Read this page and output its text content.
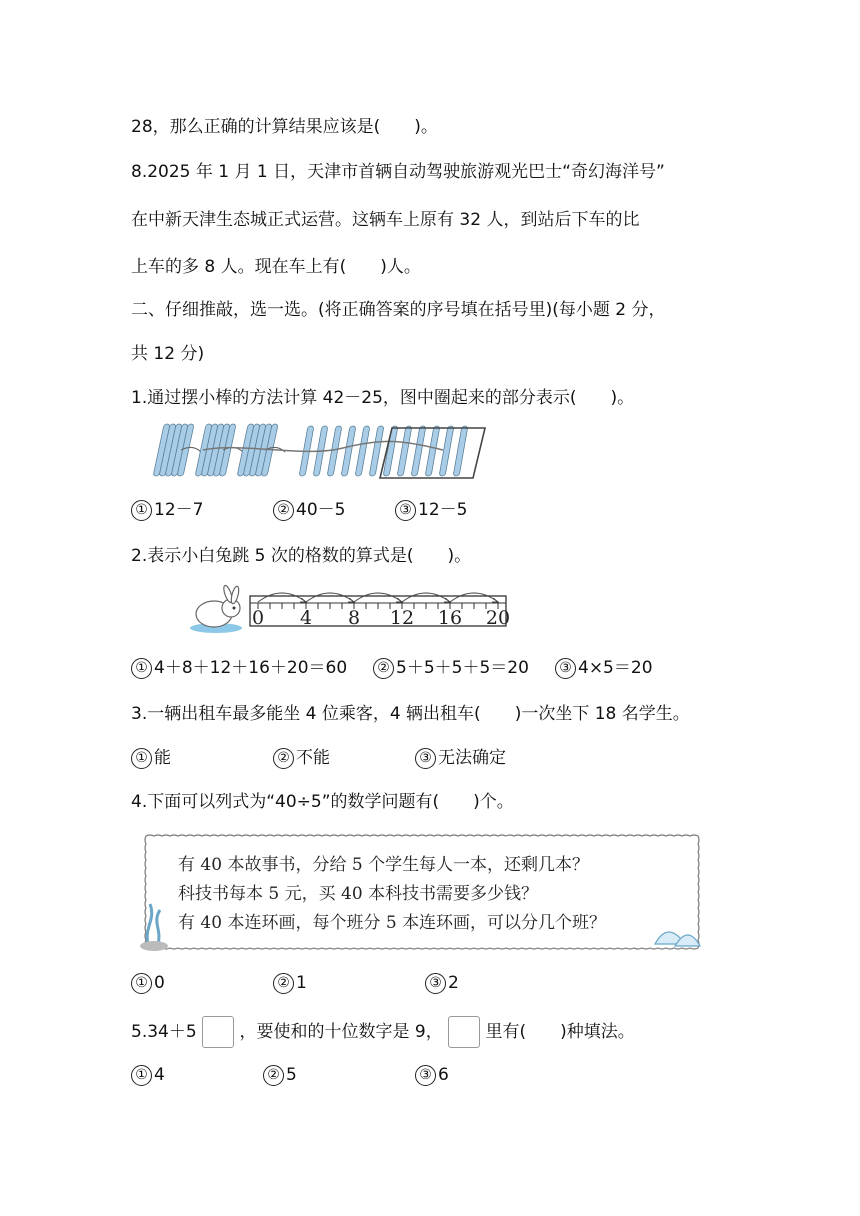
28，那么正确的计算结果应该是(　　)。
8.2025 年 1 月 1 日，天津市首辆自动驾驶旅游观光巴士“奇幻海洋号”
在中新天津生态城正式运营。这辆车上原有 32 人，到站后下车的比
上车的多 8 人。现在车上有(　　)人。
二、仔细推敲，选一选。(将正确答案的序号填在括号里)(每小题 2 分，
共 12 分)
1.通过摆小棒的方法计算 42－25，图中圈起来的部分表示(　　)。
① 12－7	② 40－5	③ 12－5
2.表示小白兔跳 5 次的格数的算式是(　　)。
0 4 8 12 16 20
① 4＋8＋12＋16＋20＝60	② 5＋5＋5＋5＝20	③ 4×5＝20
3.一辆出租车最多能坐 4 位乘客，4 辆出租车(　　)一次坐下 18 名学生。
① 能	② 不能	③ 无法确定
4.下面可以列式为“40÷5”的数学问题有(　　)个。
有 40 本故事书，分给 5 个学生每人一本，还剩几本？
科技书每本 5 元，买 40 本科技书需要多少钱？
有 40 本连环画，每个班分 5 本连环画，可以分几个班？
① 0	② 1	③ 2
5.34＋5	，要使和的十位数字是 9，	里有(　　)种填法。
① 4	② 5	③ 6
